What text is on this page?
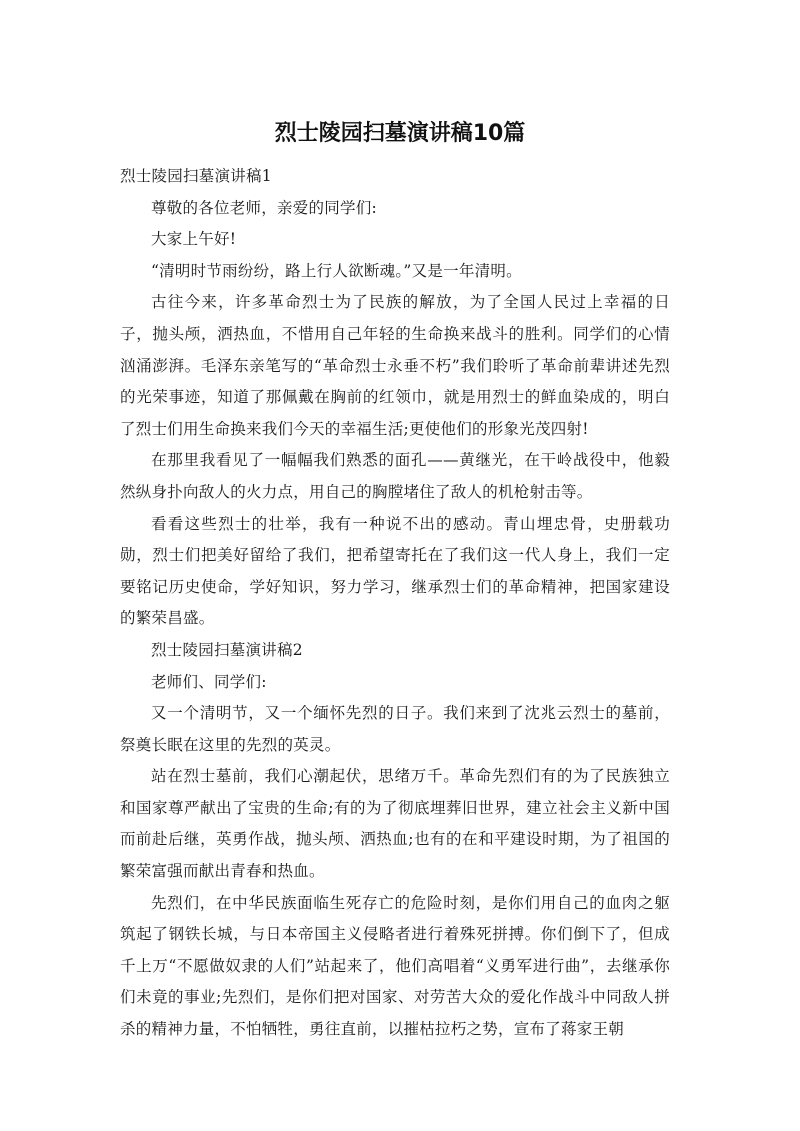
烈士陵园扫墓演讲稿10篇

烈士陵园扫墓演讲稿1

尊敬的各位老师，亲爱的同学们:

大家上午好!

“清明时节雨纷纷，路上行人欲断魂。”又是一年清明。

古往今来，许多革命烈士为了民族的解放，为了全国人民过上幸福的日子，抛头颅，洒热血，不惜用自己年轻的生命换来战斗的胜利。同学们的心情汹涌澎湃。毛泽东亲笔写的“革命烈士永垂不朽”我们聆听了革命前辈讲述先烈的光荣事迹，知道了那佩戴在胸前的红领巾，就是用烈士的鲜血染成的，明白了烈士们用生命换来我们今天的幸福生活;更使他们的形象光茂四射!

在那里我看见了一幅幅我们熟悉的面孔——黄继光，在干岭战役中，他毅然纵身扑向敌人的火力点，用自己的胸膛堵住了敌人的机枪射击等。

看看这些烈士的壮举，我有一种说不出的感动。青山埋忠骨，史册载功勋，烈士们把美好留给了我们，把希望寄托在了我们这一代人身上，我们一定要铭记历史使命，学好知识，努力学习，继承烈士们的革命精神，把国家建设的繁荣昌盛。

烈士陵园扫墓演讲稿2

老师们、同学们:

又一个清明节，又一个缅怀先烈的日子。我们来到了沈兆云烈士的墓前，祭奠长眠在这里的先烈的英灵。

站在烈士墓前，我们心潮起伏，思绪万千。革命先烈们有的为了民族独立和国家尊严献出了宝贵的生命;有的为了彻底埋葬旧世界，建立社会主义新中国而前赴后继，英勇作战，抛头颅、洒热血;也有的在和平建设时期，为了祖国的繁荣富强而献出青春和热血。

先烈们，在中华民族面临生死存亡的危险时刻，是你们用自己的血肉之躯筑起了钢铁长城，与日本帝国主义侵略者进行着殊死拼搏。你们倒下了，但成千上万“不愿做奴隶的人们”站起来了，他们高唱着“义勇军进行曲”，去继承你们未竟的事业;先烈们，是你们把对国家、对劳苦大众的爱化作战斗中同敌人拼杀的精神力量，不怕牺牲，勇往直前，以摧枯拉朽之势，宣布了蒋家王朝
